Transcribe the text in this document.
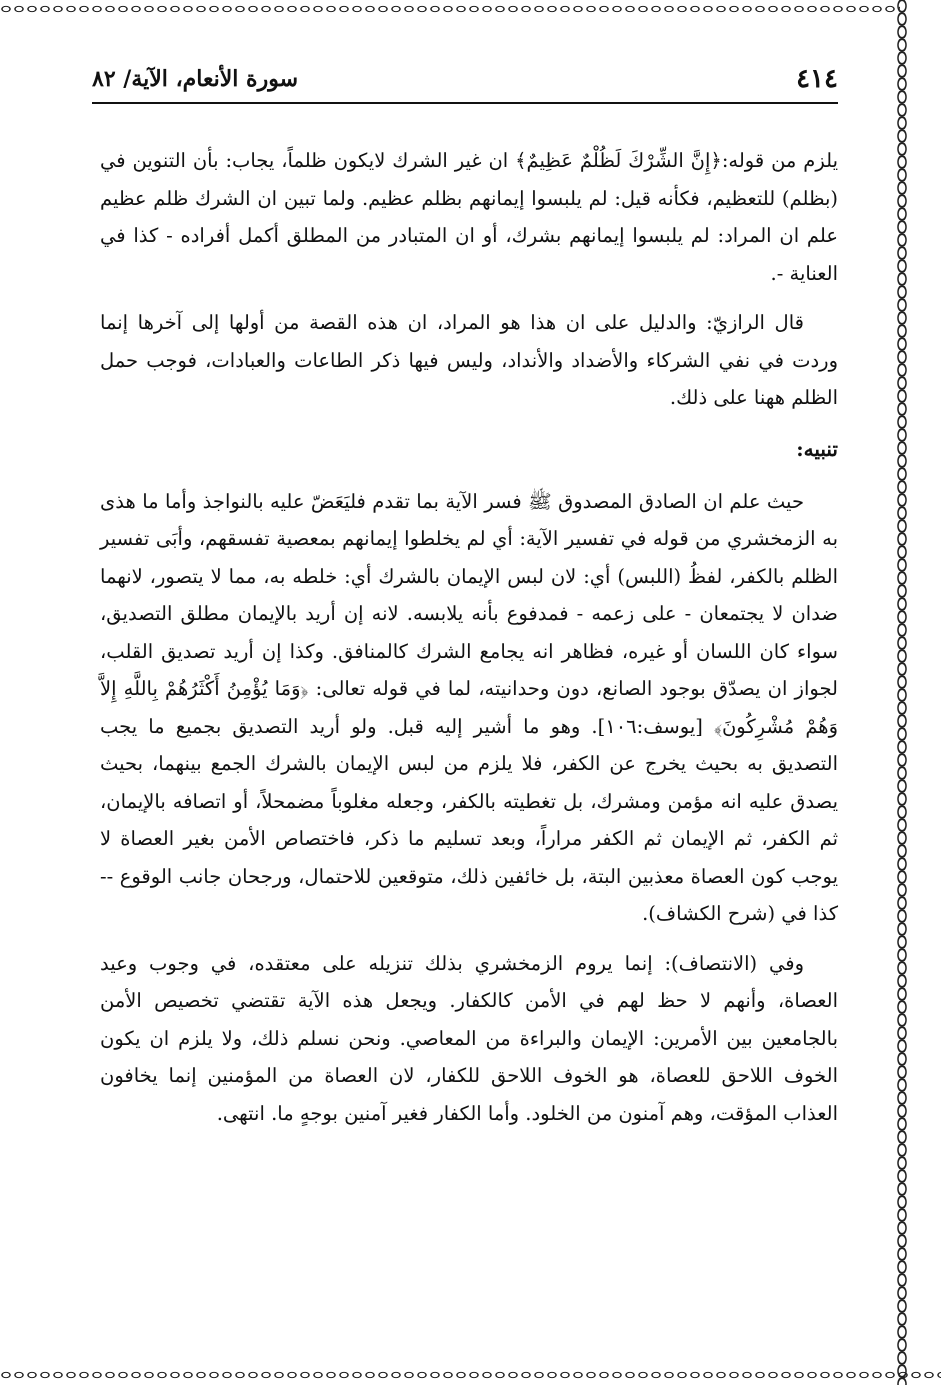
٤١٤
سورة الأنعام، الآية/ ٨٢

يلزم من قوله:﴿إِنَّ الشِّرْكَ لَظُلْمٌ عَظِيمٌ﴾ ان غير الشرك لايكون ظلماً، يجاب: بأن التنوين في (بظلم) للتعظيم، فكأنه قيل: لم يلبسوا إيمانهم بظلم عظيم. ولما تبين ان الشرك ظلم عظيم علم ان المراد: لم يلبسوا إيمانهم بشرك، أو ان المتبادر من المطلق أكمل أفراده - كذا في العناية -.

قال الرازيّ: والدليل على ان هذا هو المراد، ان هذه القصة من أولها إلى آخرها إنما وردت في نفي الشركاء والأضداد والأنداد، وليس فيها ذكر الطاعات والعبادات، فوجب حمل الظلم ههنا على ذلك.

تنبيه:

حيث علم ان الصادق المصدوق ﷺ فسر الآية بما تقدم فليَعَضّ عليه بالنواجذ وأما ما هذى به الزمخشري من قوله في تفسير الآية: أي لم يخلطوا إيمانهم بمعصية تفسقهم، وأبَى تفسير الظلم بالكفر، لفظُ (اللبس) أي: لان لبس الإيمان بالشرك أي: خلطه به، مما لا يتصور، لانهما ضدان لا يجتمعان - على زعمه - فمدفوع بأنه يلابسه. لانه إن أريد بالإيمان مطلق التصديق، سواء كان اللسان أو غيره، فظاهر انه يجامع الشرك كالمنافق. وكذا إن أريد تصديق القلب، لجواز ان يصدّق بوجود الصانع، دون وحدانيته، لما في قوله تعالى: ﴿وَمَا يُؤْمِنُ أَكْثَرُهُمْ بِاللَّهِ إِلاَّ وَهُمْ مُشْرِكُونَ﴾ [يوسف:١٠٦]. وهو ما أشير إليه قبل. ولو أريد التصديق بجميع ما يجب التصديق به بحيث يخرج عن الكفر، فلا يلزم من لبس الإيمان بالشرك الجمع بينهما، بحيث يصدق عليه انه مؤمن ومشرك، بل تغطيته بالكفر، وجعله مغلوباً مضمحلاً، أو اتصافه بالإيمان، ثم الكفر، ثم الإيمان ثم الكفر مراراً، وبعد تسليم ما ذكر، فاختصاص الأمن بغير العصاة لا يوجب كون العصاة معذبين البتة، بل خائفين ذلك، متوقعين للاحتمال، ورجحان جانب الوقوع -- كذا في (شرح الكشاف).

وفي (الانتصاف): إنما يروم الزمخشري بذلك تنزيله على معتقده، في وجوب وعيد العصاة، وأنهم لا حظ لهم في الأمن كالكفار. ويجعل هذه الآية تقتضي تخصيص الأمن بالجامعين بين الأمرين: الإيمان والبراءة من المعاصي. ونحن نسلم ذلك، ولا يلزم ان يكون الخوف اللاحق للعصاة، هو الخوف اللاحق للكفار، لان العصاة من المؤمنين إنما يخافون العذاب المؤقت، وهم آمنون من الخلود. وأما الكفار فغير آمنين بوجهٍ ما. انتهى.
